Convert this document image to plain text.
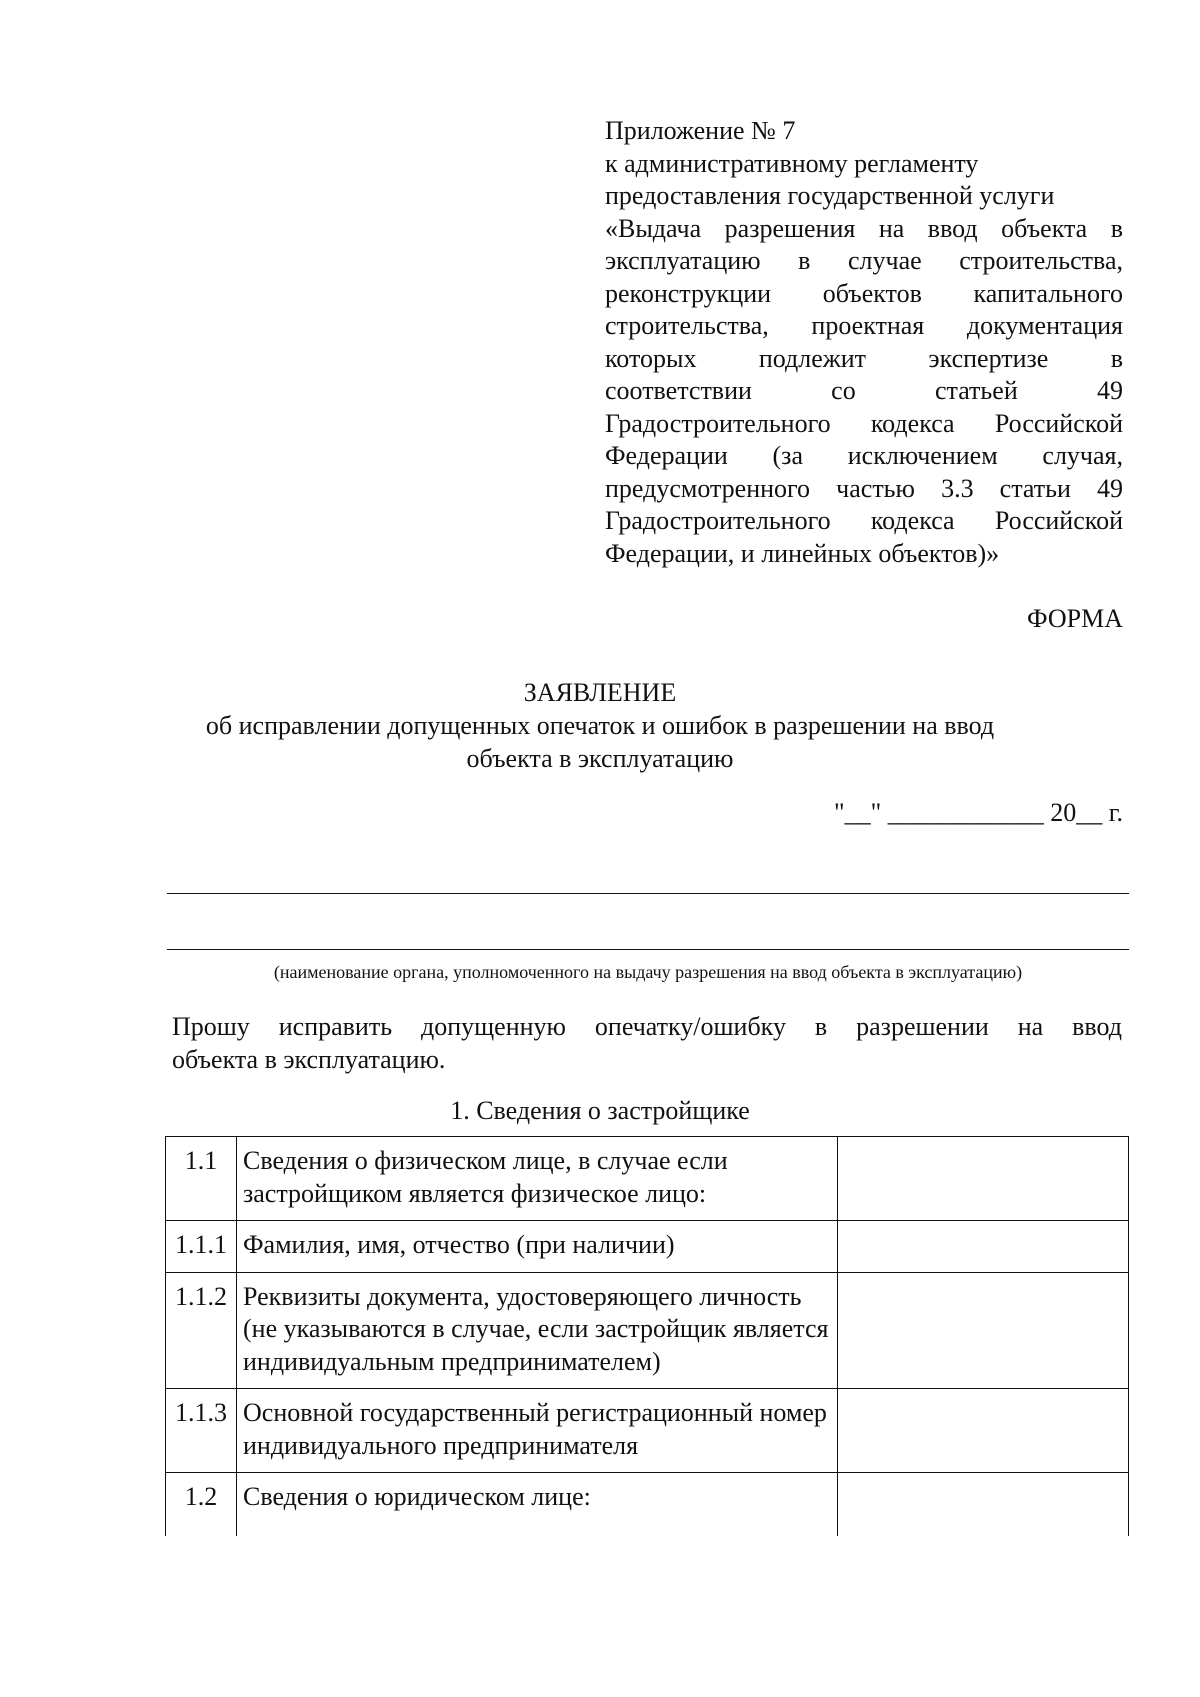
Приложение № 7
к административному регламенту
предоставления государственной услуги
«Выдача разрешения на ввод объекта в
эксплуатацию в случае строительства,
реконструкции объектов капитального
строительства, проектная документация
которых подлежит экспертизе в
соответствии со статьей 49
Градостроительного кодекса Российской
Федерации (за исключением случая,
предусмотренного частью 3.3 статьи 49
Градостроительного кодекса Российской
Федерации, и линейных объектов)»
ФОРМА
ЗАЯВЛЕНИЕ
об исправлении допущенных опечаток и ошибок в разрешении на ввод
объекта в эксплуатацию
"__" ____________ 20__ г.
(наименование органа, уполномоченного на выдачу разрешения на ввод объекта в эксплуатацию)
Прошу исправить допущенную опечатку/ошибку в разрешении на ввод
объекта в эксплуатацию.
1. Сведения о застройщике
1.1	Сведения о физическом лице, в случае если застройщиком является физическое лицо:	
1.1.1	Фамилия, имя, отчество (при наличии)	
1.1.2	Реквизиты документа, удостоверяющего личность (не указываются в случае, если застройщик является индивидуальным предпринимателем)	
1.1.3	Основной государственный регистрационный номер индивидуального предпринимателя	
1.2	Сведения о юридическом лице:	
